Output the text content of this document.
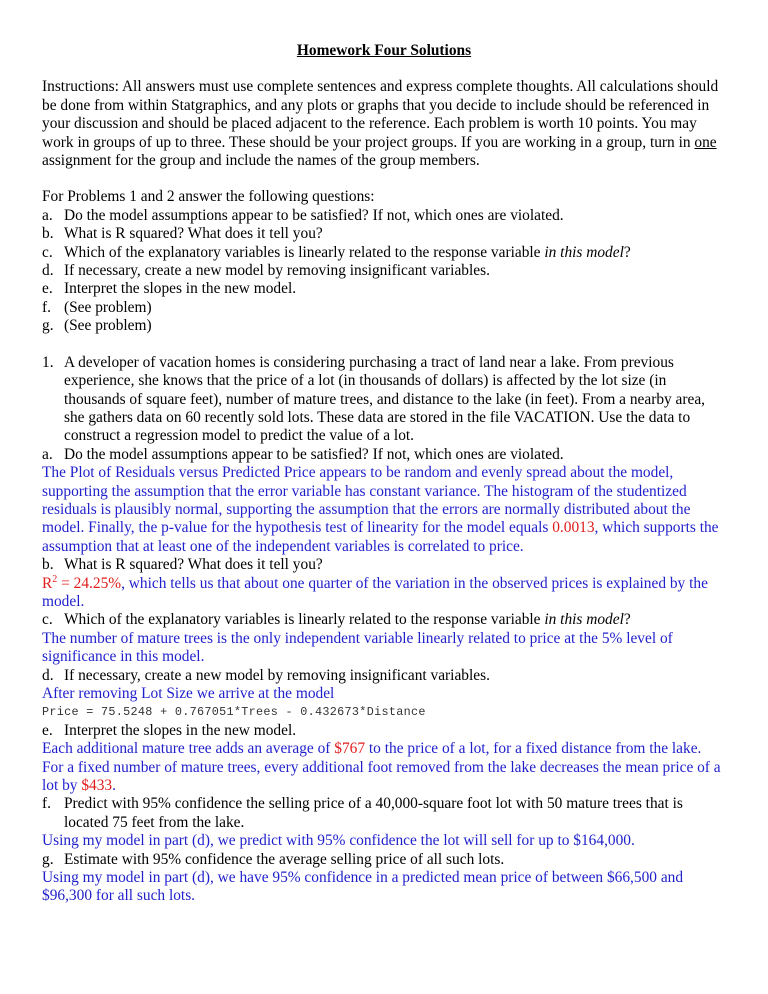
Homework Four Solutions

Instructions: All answers must use complete sentences and express complete thoughts. All calculations should be done from within Statgraphics, and any plots or graphs that you decide to include should be referenced in your discussion and should be placed adjacent to the reference. Each problem is worth 10 points. You may work in groups of up to three. These should be your project groups. If you are working in a group, turn in one assignment for the group and include the names of the group members.

For Problems 1 and 2 answer the following questions:

a. Do the model assumptions appear to be satisfied? If not, which ones are violated.
b. What is R squared? What does it tell you?
c. Which of the explanatory variables is linearly related to the response variable in this model?
d. If necessary, create a new model by removing insignificant variables.
e. Interpret the slopes in the new model.
f. (See problem)
g. (See problem)

1. A developer of vacation homes is considering purchasing a tract of land near a lake. From previous experience, she knows that the price of a lot (in thousands of dollars) is affected by the lot size (in thousands of square feet), number of mature trees, and distance to the lake (in feet). From a nearby area, she gathers data on 60 recently sold lots. These data are stored in the file VACATION. Use the data to construct a regression model to predict the value of a lot.

a. Do the model assumptions appear to be satisfied? If not, which ones are violated.

The Plot of Residuals versus Predicted Price appears to be random and evenly spread about the model, supporting the assumption that the error variable has constant variance. The histogram of the studentized residuals is plausibly normal, supporting the assumption that the errors are normally distributed about the model. Finally, the p-value for the hypothesis test of linearity for the model equals 0.0013, which supports the assumption that at least one of the independent variables is correlated to price.

b. What is R squared? What does it tell you?

$R^2 = 24.25\%$, which tells us that about one quarter of the variation in the observed prices is explained by the model.

c. Which of the explanatory variables is linearly related to the response variable in this model?

The number of mature trees is the only independent variable linearly related to price at the 5% level of significance in this model.

d. If necessary, create a new model by removing insignificant variables.

After removing Lot Size we arrive at the model

Price = 75.5248 + 0.767051*Trees - 0.432673*Distance

e. Interpret the slopes in the new model.

Each additional mature tree adds an average of $767 to the price of a lot, for a fixed distance from the lake. For a fixed number of mature trees, every additional foot removed from the lake decreases the mean price of a lot by $433.

f. Predict with 95% confidence the selling price of a 40,000-square foot lot with 50 mature trees that is located 75 feet from the lake.

Using my model in part (d), we predict with 95% confidence the lot will sell for up to $164,000.

g. Estimate with 95% confidence the average selling price of all such lots.

Using my model in part (d), we have 95% confidence in a predicted mean price of between $66,500 and $96,300 for all such lots.
